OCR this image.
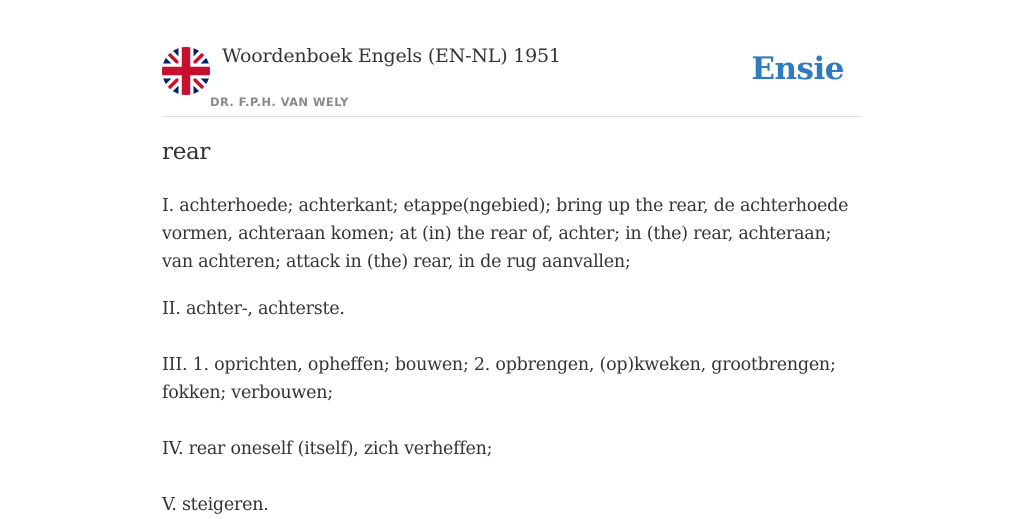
Woordenboek Engels (EN-NL) 1951
DR. F.P.H. VAN WELY
Ensie
rear

I. achterhoede; achterkant; etappe(ngebied); bring up the rear, de achterhoede vormen, achteraan komen; at (in) the rear of, achter; in (the) rear, achteraan; van achteren; attack in (the) rear, in de rug aanvallen;

II. achter-, achterste.

III. 1. oprichten, opheffen; bouwen; 2. opbrengen, (op)kweken, grootbrengen; fokken; verbouwen;

IV. rear oneself (itself), zich verheffen;

V. steigeren.
